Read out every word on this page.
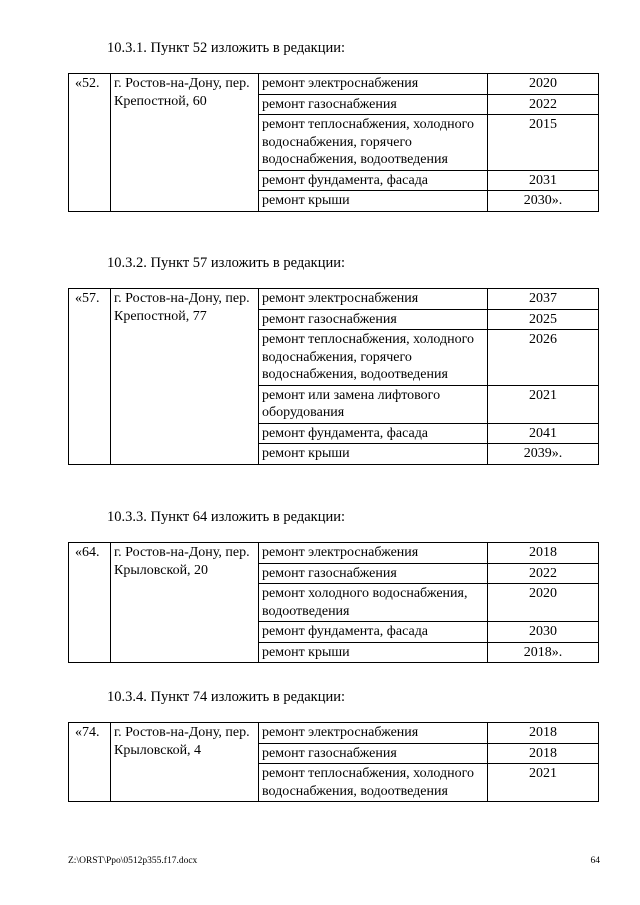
10.3.1. Пункт 52 изложить в редакции:
«52.	г. Ростов-на-Дону, пер. Крепостной, 60	ремонт электроснабжения	2020
		ремонт газоснабжения	2022
		ремонт теплоснабжения, холодного водоснабжения, горячего водоснабжения, водоотведения	2015
		ремонт фундамента, фасада	2031
		ремонт крыши	2030».
10.3.2. Пункт 57 изложить в редакции:
«57.	г. Ростов-на-Дону, пер. Крепостной, 77	ремонт электроснабжения	2037
		ремонт газоснабжения	2025
		ремонт теплоснабжения, холодного водоснабжения, горячего водоснабжения, водоотведения	2026
		ремонт или замена лифтового оборудования	2021
		ремонт фундамента, фасада	2041
		ремонт крыши	2039».
10.3.3. Пункт 64 изложить в редакции:
«64.	г. Ростов-на-Дону, пер. Крыловской, 20	ремонт электроснабжения	2018
		ремонт газоснабжения	2022
		ремонт холодного водоснабжения, водоотведения	2020
		ремонт фундамента, фасада	2030
		ремонт крыши	2018».
10.3.4. Пункт 74 изложить в редакции:
«74.	г. Ростов-на-Дону, пер. Крыловской, 4	ремонт электроснабжения	2018
		ремонт газоснабжения	2018
		ремонт теплоснабжения, холодного водоснабжения, водоотведения	2021
Z:\ORST\Ppo\0512p355.f17.docx	64
